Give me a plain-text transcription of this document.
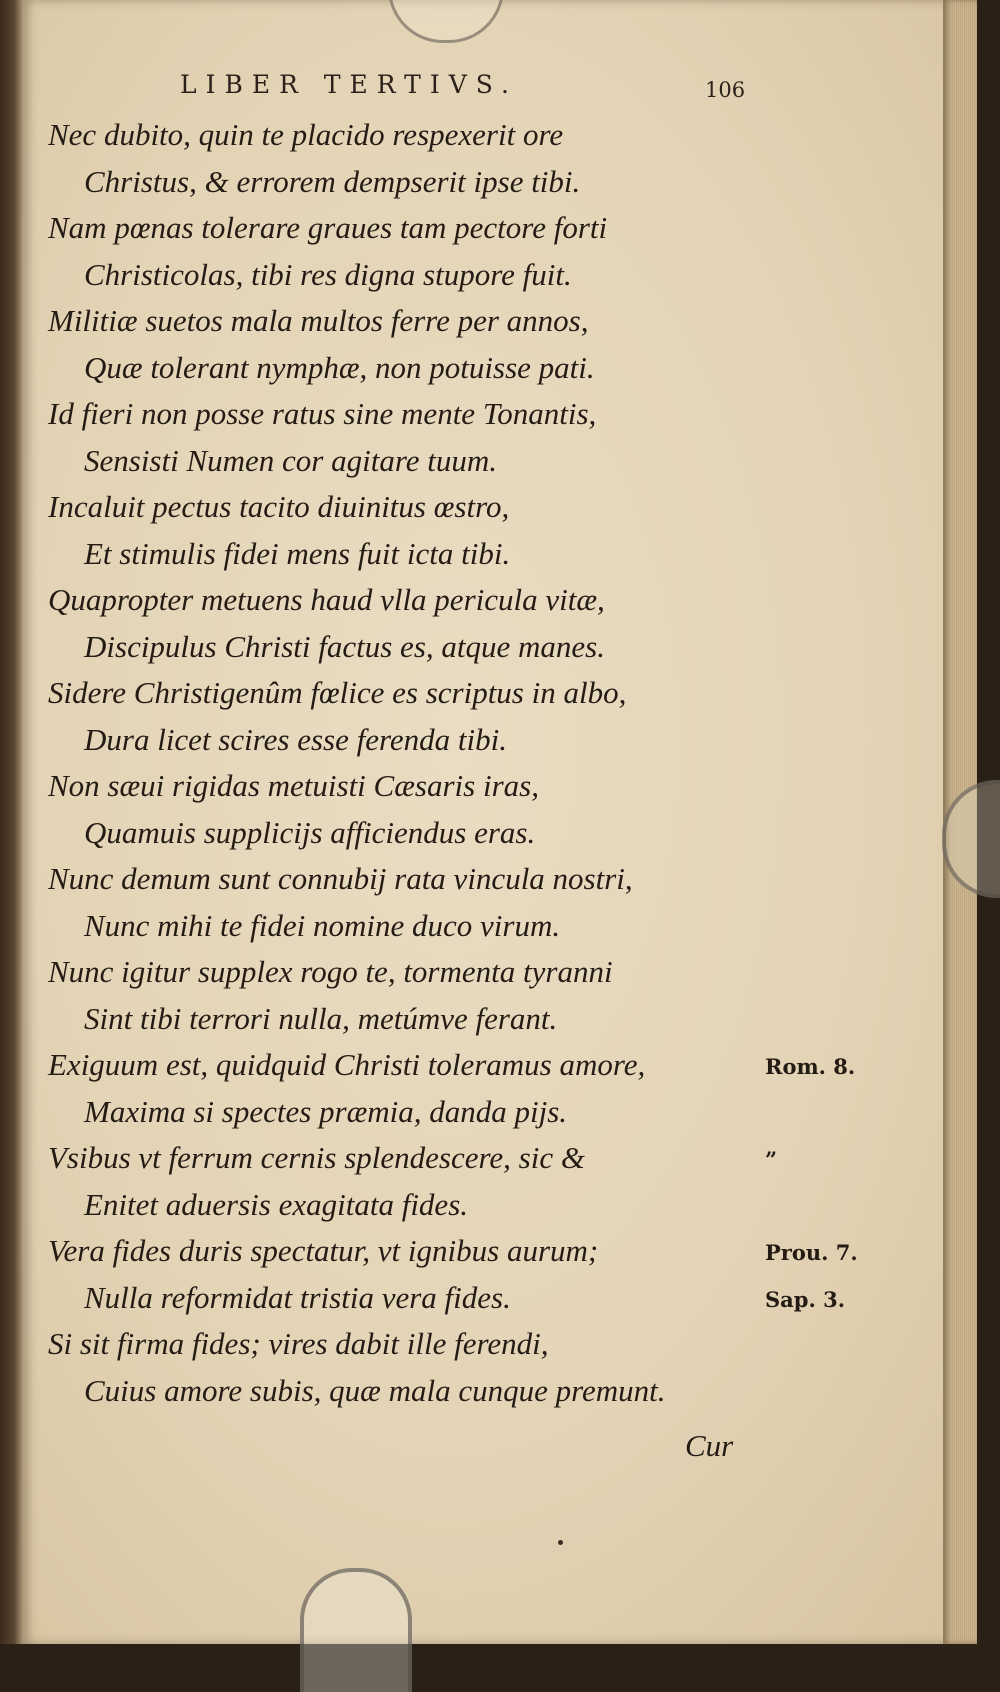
LIBER TERTIVS.	106
Nec dubito, quin te placido respexerit ore
Christus, & errorem dempserit ipse tibi.
Nam pœnas tolerare graues tam pectore forti
Christicolas, tibi res digna stupore fuit.
Militiæ suetos mala multos ferre per annos,
Quæ tolerant nymphæ, non potuisse pati.
Id fieri non posse ratus sine mente Tonantis,
Sensisti Numen cor agitare tuum.
Incaluit pectus tacito diuinitus œstro,
Et stimulis fidei mens fuit icta tibi.
Quapropter metuens haud vlla pericula vitæ,
Discipulus Christi factus es, atque manes.
Sidere Christigenûm fœlice es scriptus in albo,
Dura licet scires esse ferenda tibi.
Non sæui rigidas metuisti Cæsaris iras,
Quamuis supplicijs afficiendus eras.
Nunc demum sunt connubij rata vincula nostri,
Nunc mihi te fidei nomine duco virum.
Nunc igitur supplex rogo te, tormenta tyranni
Sint tibi terrori nulla, metúmve ferant.
Exiguum est, quidquid Christi toleramus amore,
Maxima si spectes præmia, danda pijs.
Vsibus vt ferrum cernis splendescere, sic &
Enitet aduersis exagitata fides.
Vera fides duris spectatur, vt ignibus aurum;
Nulla reformidat tristia vera fides.
Si sit firma fides; vires dabit ille ferendi,
Cuius amore subis, quæ mala cunque premunt.
Rom. 8.
”
Prou. 7.
Sap. 3.
Cur
